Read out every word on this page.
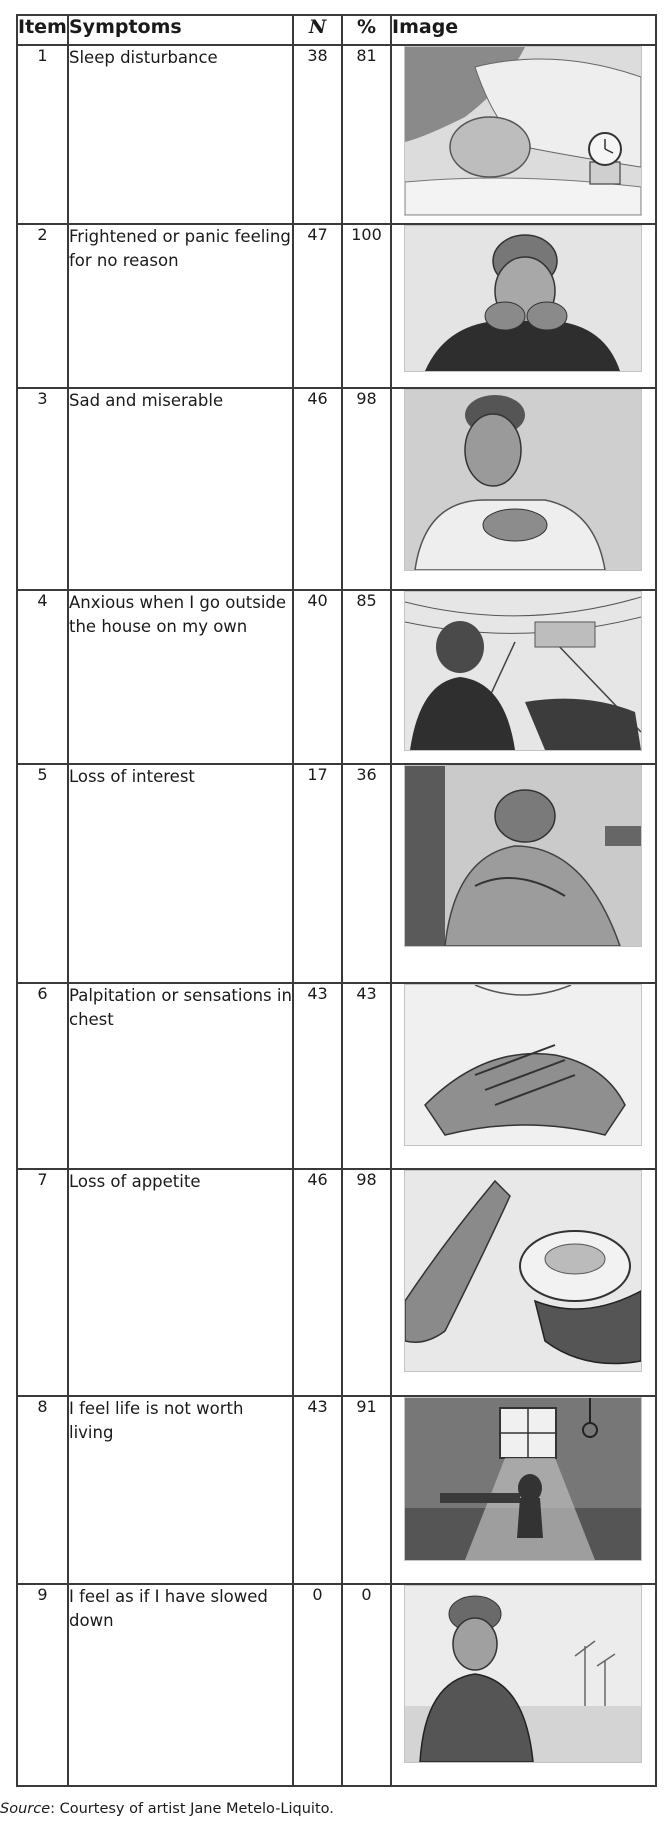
Item	Symptoms	N	%	Image
1	Sleep disturbance	38	81	

2	Frightened or panic feeling for no reason	47	100	

3	Sad and miserable	46	98	

4	Anxious when I go outside the house on my own	40	85	

5	Loss of interest	17	36	

6	Palpitation or sensations in chest	43	43	

7	Loss of appetite	46	98	

8	I feel life is not worth living	43	91	

9	I feel as if I have slowed down	0	0	
Source: Courtesy of artist Jane Metelo-Liquito.
